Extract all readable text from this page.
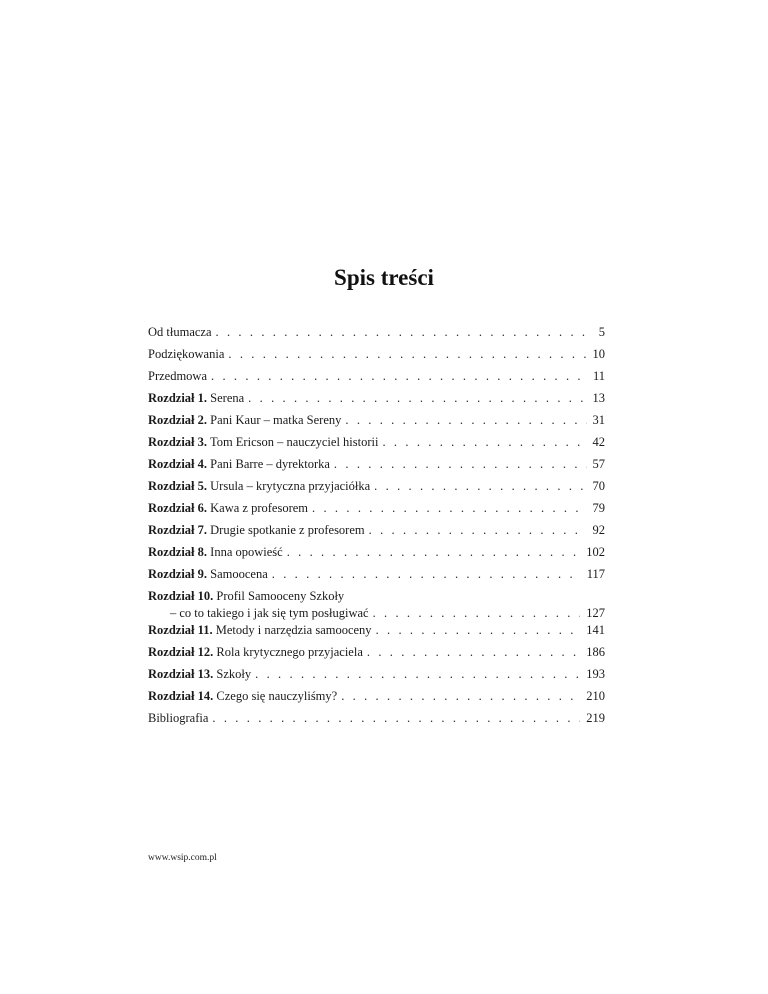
Spis treści
Od tłumacza . . .	5
Podziękowania . . .	10
Przedmowa . . .	11
Rozdział 1. Serena . . .	13
Rozdział 2. Pani Kaur – matka Sereny . . .	31
Rozdział 3. Tom Ericson – nauczyciel historii . . .	42
Rozdział 4. Pani Barre – dyrektorka . . .	57
Rozdział 5. Ursula – krytyczna przyjaciółka . . .	70
Rozdział 6. Kawa z profesorem . . .	79
Rozdział 7. Drugie spotkanie z profesorem . . .	92
Rozdział 8. Inna opowieść . . .	102
Rozdział 9. Samoocena . . .	117
Rozdział 10. Profil Samooceny Szkoły
– co to takiego i jak się tym posługiwać . . .	127
Rozdział 11. Metody i narzędzia samooceny . . .	141
Rozdział 12. Rola krytycznego przyjaciela . . .	186
Rozdział 13. Szkoły . . .	193
Rozdział 14. Czego się nauczyliśmy? . . .	210
Bibliografia . . .	219
www.wsip.com.pl
